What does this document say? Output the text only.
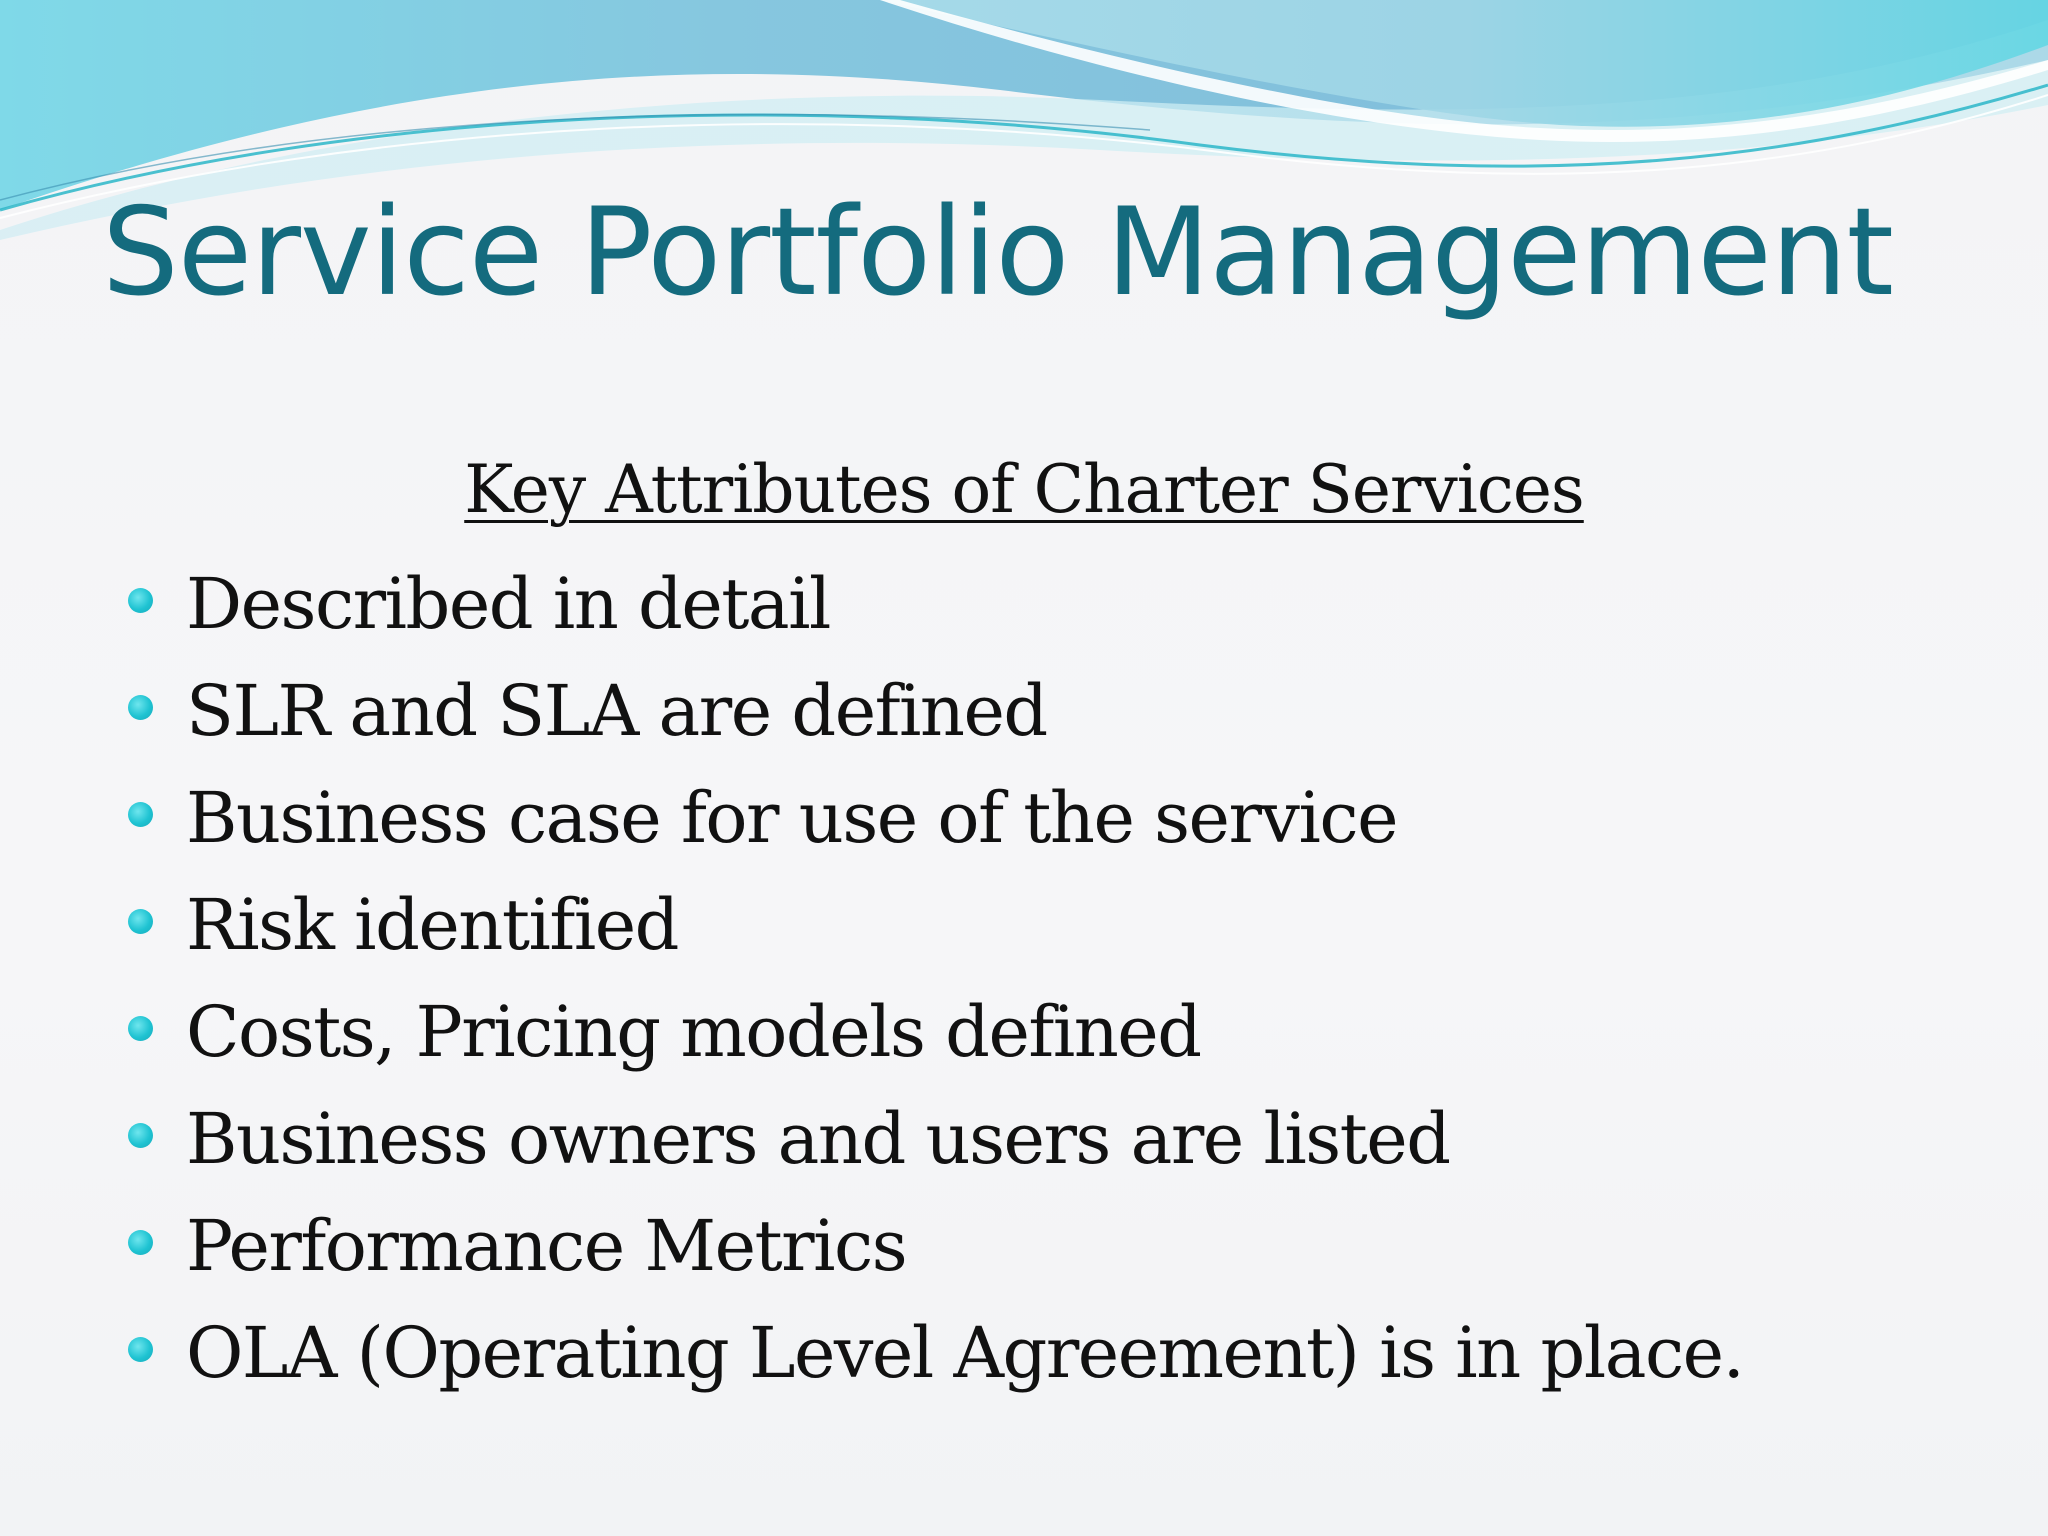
Service Portfolio Management
Key Attributes of Charter Services
Described in detail
SLR and SLA are defined
Business case for use of the service
Risk identified
Costs, Pricing models defined
Business owners and users are listed
Performance Metrics
OLA (Operating Level Agreement) is in place.
